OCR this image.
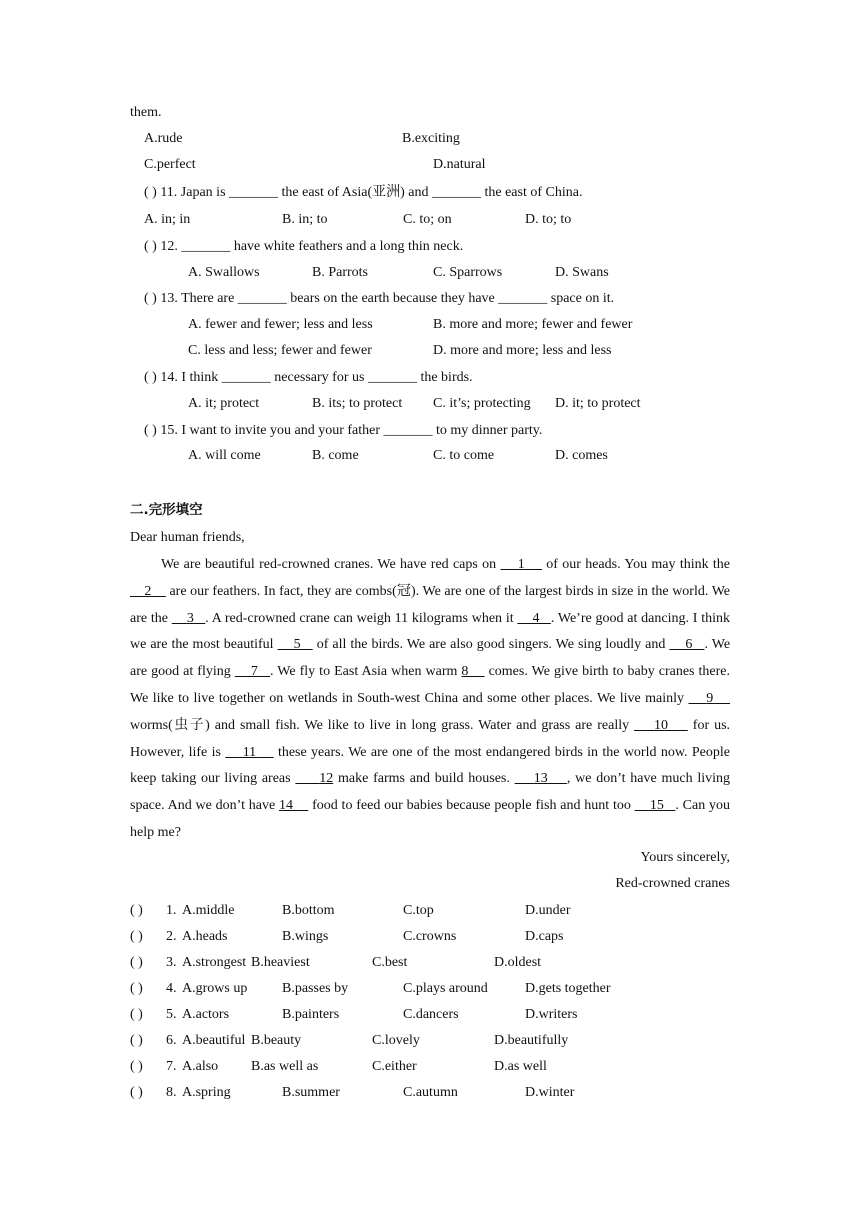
them.
A.rude	B.exciting
C.perfect	D.natural
( ) 11. Japan is _______ the east of Asia(亚洲) and _______ the east of China.
A. in; in	B. in; to	C. to; on	D. to; to
( ) 12. _______ have white feathers and a long thin neck.
A. Swallows	B. Parrots	C. Sparrows	D. Swans
( ) 13. There are _______ bears on the earth because they have _______ space on it.
A. fewer and fewer; less and less	B. more and more; fewer and fewer
C. less and less; fewer and fewer	D. more and more; less and less
( ) 14. I think _______ necessary for us _______ the birds.
A. it; protect	B. its; to protect C. it’s; protecting D. it; to protect
( ) 15. I want to invite you and your father _______ to my dinner party.
A. will come	B. come	C. to come	D. comes
二.完形填空
Dear human friends,
We are beautiful red-crowned cranes. We have red caps on     1     of our heads. You may think the     2     are our feathers. In fact, they are combs(冠). We are one of the largest birds in size in the world. We are the     3 . A red-crowned crane can weigh 11 kilograms when it     4 . We’re good at dancing. I think we are the most beautiful     5    of all the birds. We are also good singers. We sing loudly and     6 . We are good at flying     7 . We fly to East Asia when warm 8     comes. We give birth to baby cranes there. We like to live together on wetlands in South-west China and some other places. We live mainly     9     worms(虫子) and small fish. We like to live in long grass. Water and grass are really     10     for us. However, life is     11     these years. We are one of the most endangered birds in the world now. People keep taking our living areas      12 make farms and build houses.     13 , we don’t have much living space. And we don’t have 14     food to feed our babies because people fish and hunt too     15 . Can you help me?
Yours sincerely,
Red-crowned cranes
( ) 1. A.middle	B.bottom	C.top	D.under
( ) 2. A.heads	B.wings	C.crowns	D.caps
( ) 3. A.strongest B.heaviest	C.best	D.oldest
( ) 4. A.grows up B.passes by	C.plays around	D.gets together
( ) 5. A.actors	B.painters	C.dancers	D.writers
( ) 6. A.beautiful B.beauty	C.lovely	D.beautifully
( ) 7. A.also B.as well as	C.either	D.as well
( ) 8. A.spring	B.summer	C.autumn	D.winter
